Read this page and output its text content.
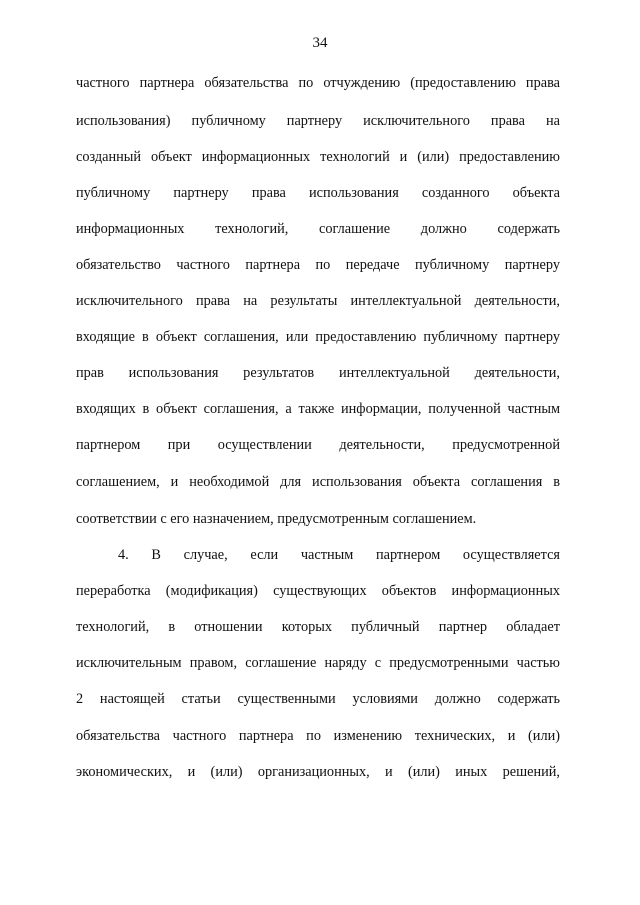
34
частного партнера обязательства по отчуждению (предоставлению права
использования) публичному партнеру исключительного права на
созданный объект информационных технологий и (или) предоставлению
публичному партнеру права использования созданного объекта
информационных технологий, соглашение должно содержать
обязательство частного партнера по передаче публичному партнеру
исключительного права на результаты интеллектуальной деятельности,
входящие в объект соглашения, или предоставлению публичному партнеру
прав использования результатов интеллектуальной деятельности,
входящих в объект соглашения, а также информации, полученной частным
партнером при осуществлении деятельности, предусмотренной
соглашением, и необходимой для использования объекта соглашения в
соответствии с его назначением, предусмотренным соглашением.
4. В случае, если частным партнером осуществляется
переработка (модификация) существующих объектов информационных
технологий, в отношении которых публичный партнер обладает
исключительным правом, соглашение наряду с предусмотренными частью
2 настоящей статьи существенными условиями должно содержать
обязательства частного партнера по изменению технических, и (или)
экономических, и (или) организационных, и (или) иных решений,
